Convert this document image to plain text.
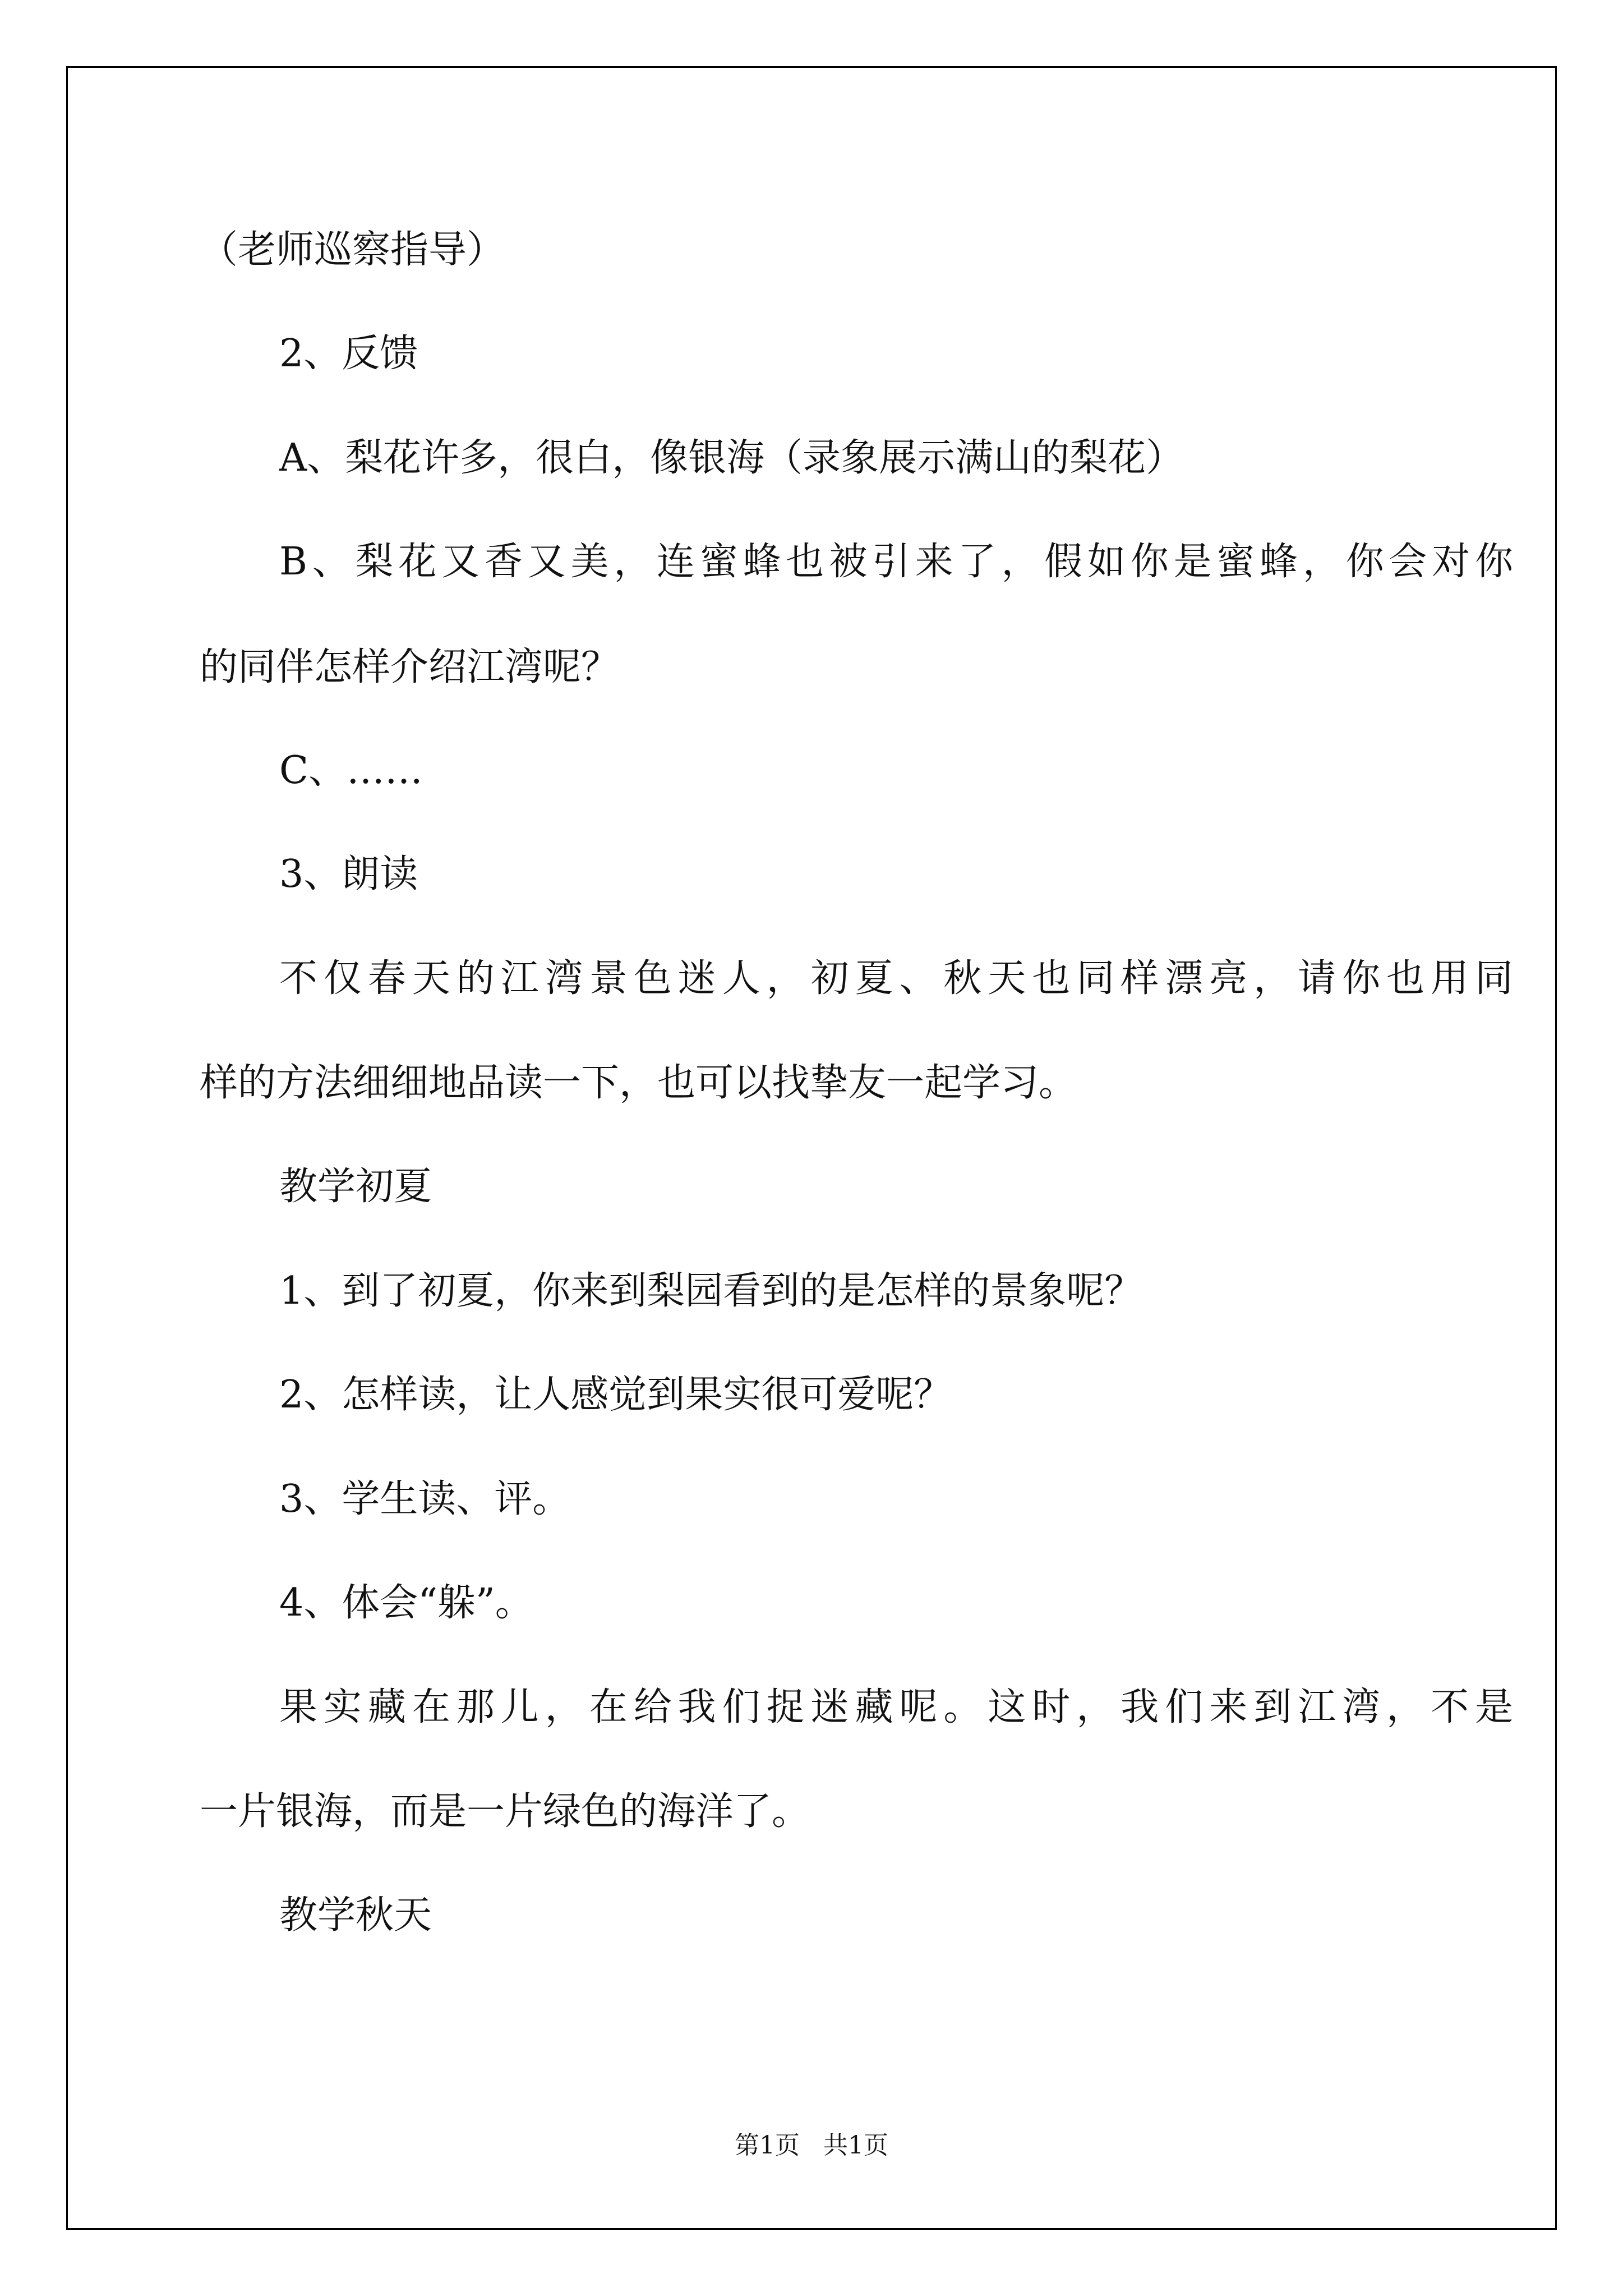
（老师巡察指导）
2、反馈
A、梨花许多，很白，像银海（录象展示满山的梨花）
B、梨花又香又美，连蜜蜂也被引来了，假如你是蜜蜂，你会对你
的同伴怎样介绍江湾呢？
C、……
3、朗读
不仅春天的江湾景色迷人，初夏、秋天也同样漂亮，请你也用同
样的方法细细地品读一下，也可以找挚友一起学习。
教学初夏
1、到了初夏，你来到梨园看到的是怎样的景象呢？
2、怎样读，让人感觉到果实很可爱呢？
3、学生读、评。
4、体会“躲”。
果实藏在那儿，在给我们捉迷藏呢。这时，我们来到江湾，不是
一片银海，而是一片绿色的海洋了。
教学秋天
第1页   共1页
